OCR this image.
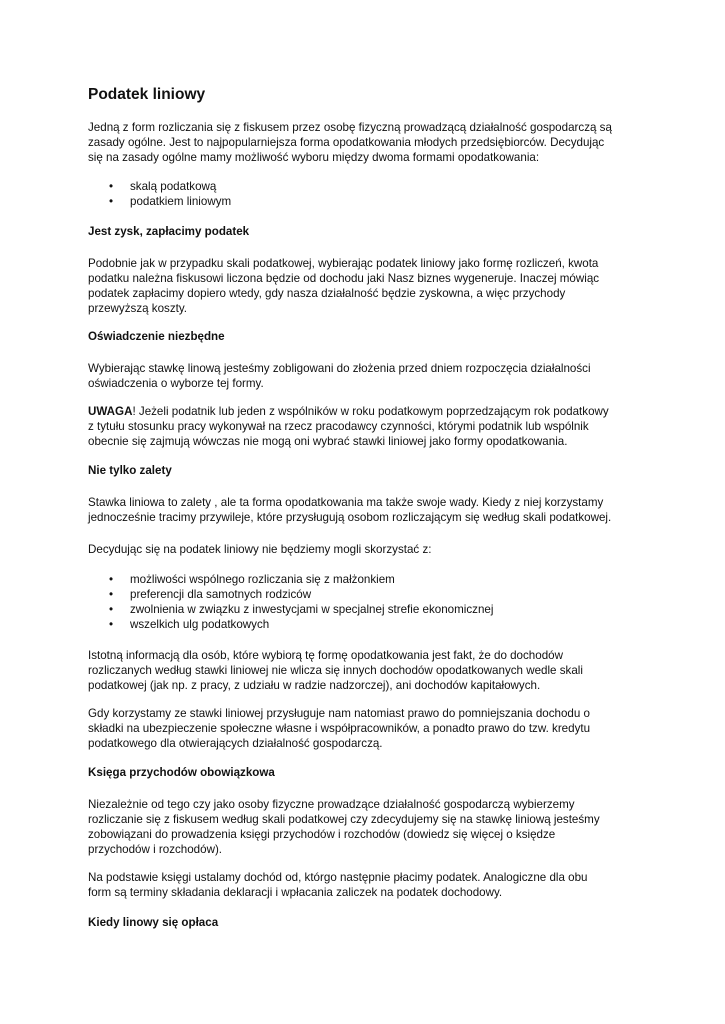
Podatek liniowy

Jedną z form rozliczania się z fiskusem przez osobę fizyczną prowadzącą działalność gospodarczą są
zasady ogólne. Jest to najpopularniejsza forma opodatkowania młodych przedsiębiorców. Decydując
się na zasady ogólne mamy możliwość wyboru między dwoma formami opodatkowania:

• skalą podatkową
• podatkiem liniowym

Jest zysk, zapłacimy podatek

Podobnie jak w przypadku skali podatkowej, wybierając podatek liniowy jako formę rozliczeń, kwota
podatku należna fiskusowi liczona będzie od dochodu jaki Nasz biznes wygeneruje. Inaczej mówiąc
podatek zapłacimy dopiero wtedy, gdy nasza działalność będzie zyskowna, a więc przychody
przewyższą koszty.

Oświadczenie niezbędne

Wybierając stawkę linową jesteśmy zobligowani do złożenia przed dniem rozpoczęcia działalności
oświadczenia o wyborze tej formy.

UWAGA! Jeżeli podatnik lub jeden z wspólników w roku podatkowym poprzedzającym rok podatkowy
z tytułu stosunku pracy wykonywał na rzecz pracodawcy czynności, którymi podatnik lub wspólnik
obecnie się zajmują wówczas nie mogą oni wybrać stawki liniowej jako formy opodatkowania.

Nie tylko zalety

Stawka liniowa to zalety , ale ta forma opodatkowania ma także swoje wady. Kiedy z niej korzystamy
jednocześnie tracimy przywileje, które przysługują osobom rozliczającym się według skali podatkowej.

Decydując się na podatek liniowy nie będziemy mogli skorzystać z:

• możliwości wspólnego rozliczania się z małżonkiem
• preferencji dla samotnych rodziców
• zwolnienia w związku z inwestycjami w specjalnej strefie ekonomicznej
• wszelkich ulg podatkowych

Istotną informacją dla osób, które wybiorą tę formę opodatkowania jest fakt, że do dochodów
rozliczanych według stawki liniowej nie wlicza się innych dochodów opodatkowanych wedle skali
podatkowej (jak np. z pracy, z udziału w radzie nadzorczej), ani dochodów kapitałowych.

Gdy korzystamy ze stawki liniowej przysługuje nam natomiast prawo do pomniejszania dochodu o
składki na ubezpieczenie społeczne własne i współpracowników, a ponadto prawo do tzw. kredytu
podatkowego dla otwierających działalność gospodarczą.

Księga przychodów obowiązkowa

Niezależnie od tego czy jako osoby fizyczne prowadzące działalność gospodarczą wybierzemy
rozliczanie się z fiskusem według skali podatkowej czy zdecydujemy się na stawkę liniową jesteśmy
zobowiązani do prowadzenia księgi przychodów i rozchodów (dowiedz się więcej o księdze
przychodów i rozchodów).

Na podstawie księgi ustalamy dochód od, którgo następnie płacimy podatek. Analogiczne dla obu
form są terminy składania deklaracji i wpłacania zaliczek na podatek dochodowy.

Kiedy linowy się opłaca
